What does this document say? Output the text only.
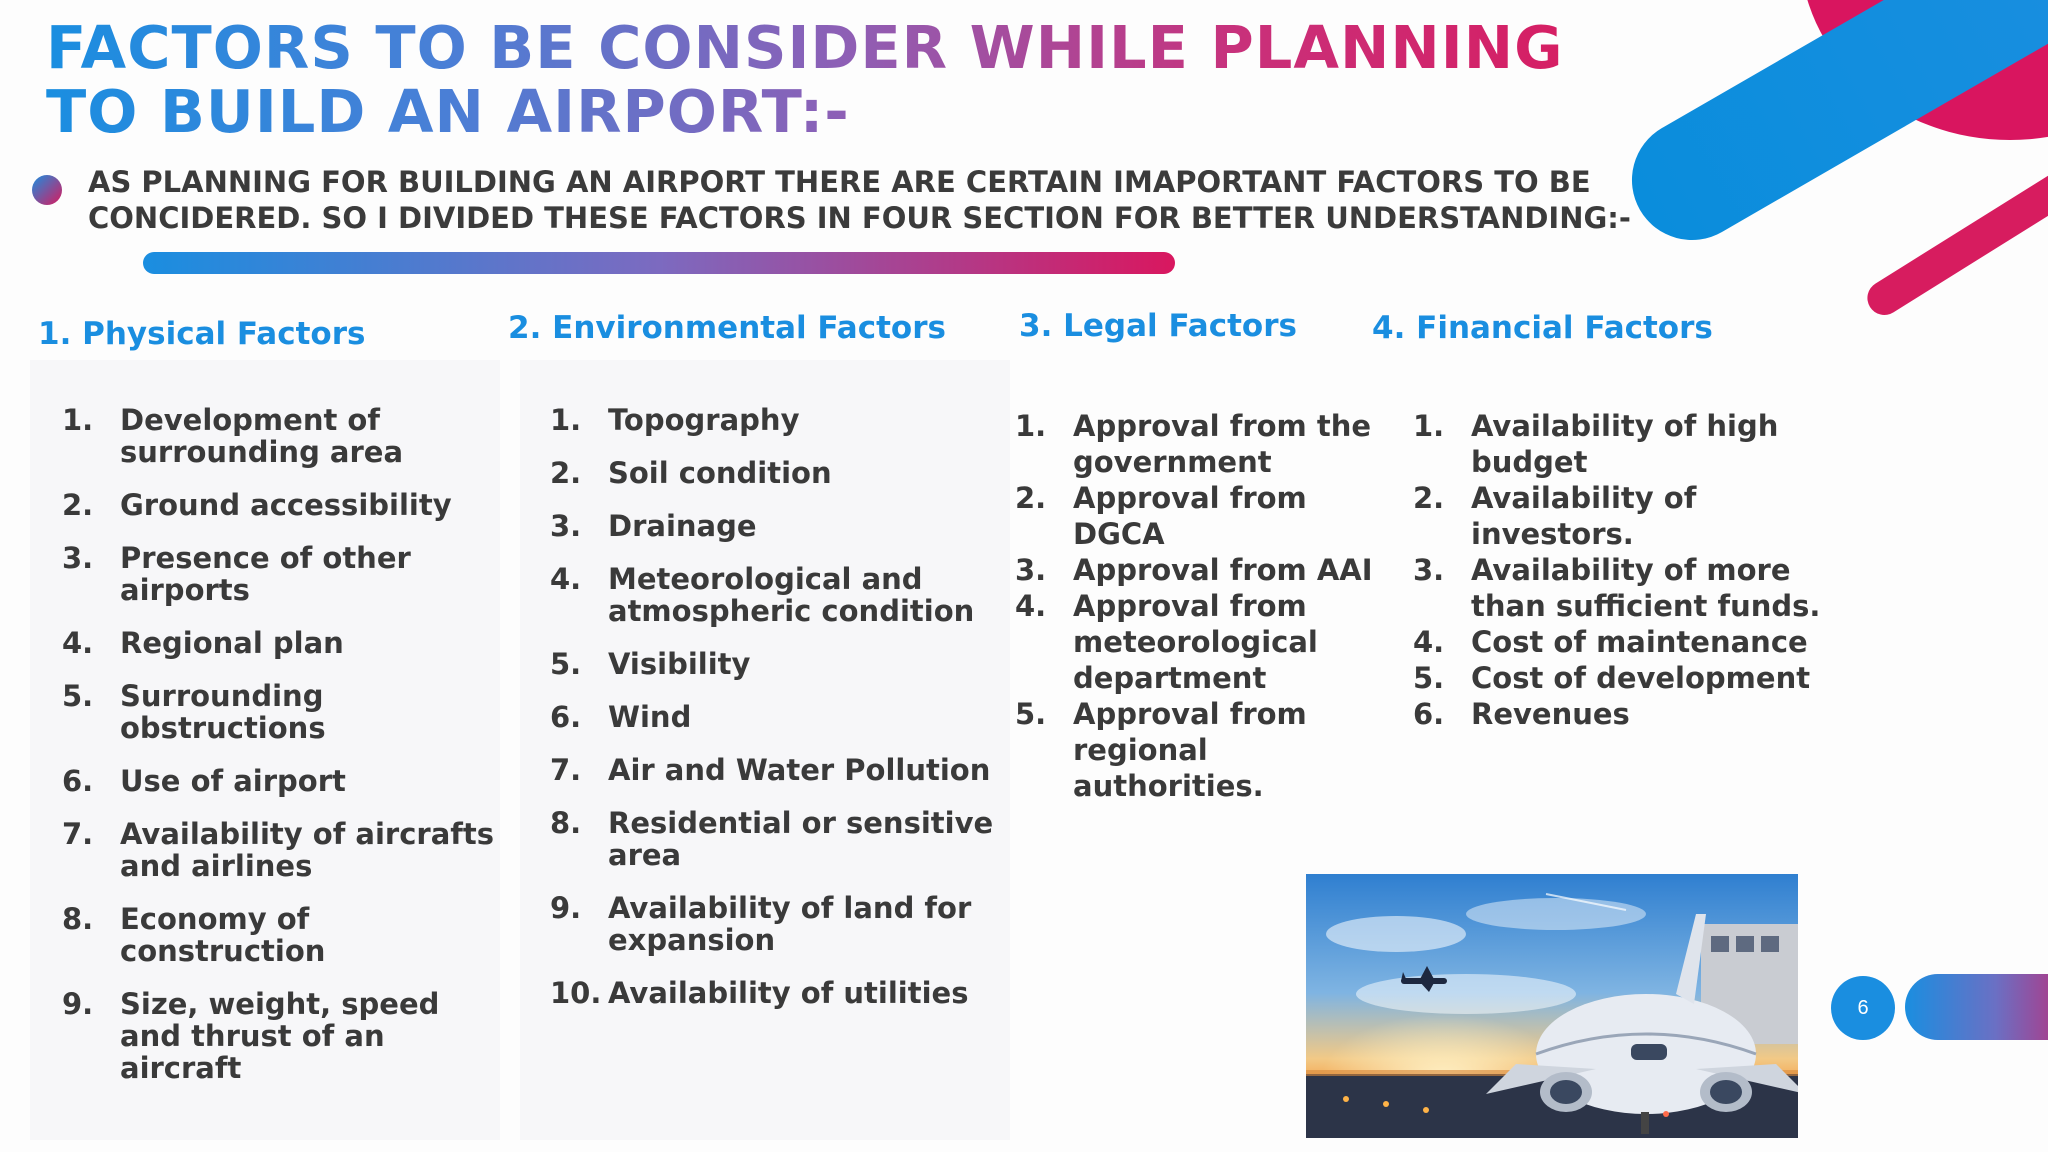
FACTORS TO BE CONSIDER WHILE PLANNING
TO BUILD AN AIRPORT:-

AS PLANNING FOR BUILDING AN AIRPORT THERE ARE CERTAIN IMAPORTANT FACTORS TO BE
CONCIDERED. SO I DIVIDED THESE FACTORS IN FOUR SECTION FOR BETTER UNDERSTANDING:-

1. Physical Factors
1. Development of surrounding area
2. Ground accessibility
3. Presence of other airports
4. Regional plan
5. Surrounding obstructions
6. Use of airport
7. Availability of aircrafts and airlines
8. Economy of construction
9. Size, weight, speed and thrust of an aircraft
2. Environmental Factors
1. Topography
2. Soil condition
3. Drainage
4. Meteorological and atmospheric condition
5. Visibility
6. Wind
7. Air and Water Pollution
8. Residential or sensitive area
9. Availability of land for expansion
10. Availability of utilities
3. Legal Factors
1. Approval from the government
2. Approval from DGCA
3. Approval from AAI
4. Approval from meteorological department
5. Approval from regional authorities.
4. Financial Factors
1. Availability of high budget
2. Availability of investors.
3. Availability of more than sufficient funds.
4. Cost of maintenance
5. Cost of development
6. Revenues
6
